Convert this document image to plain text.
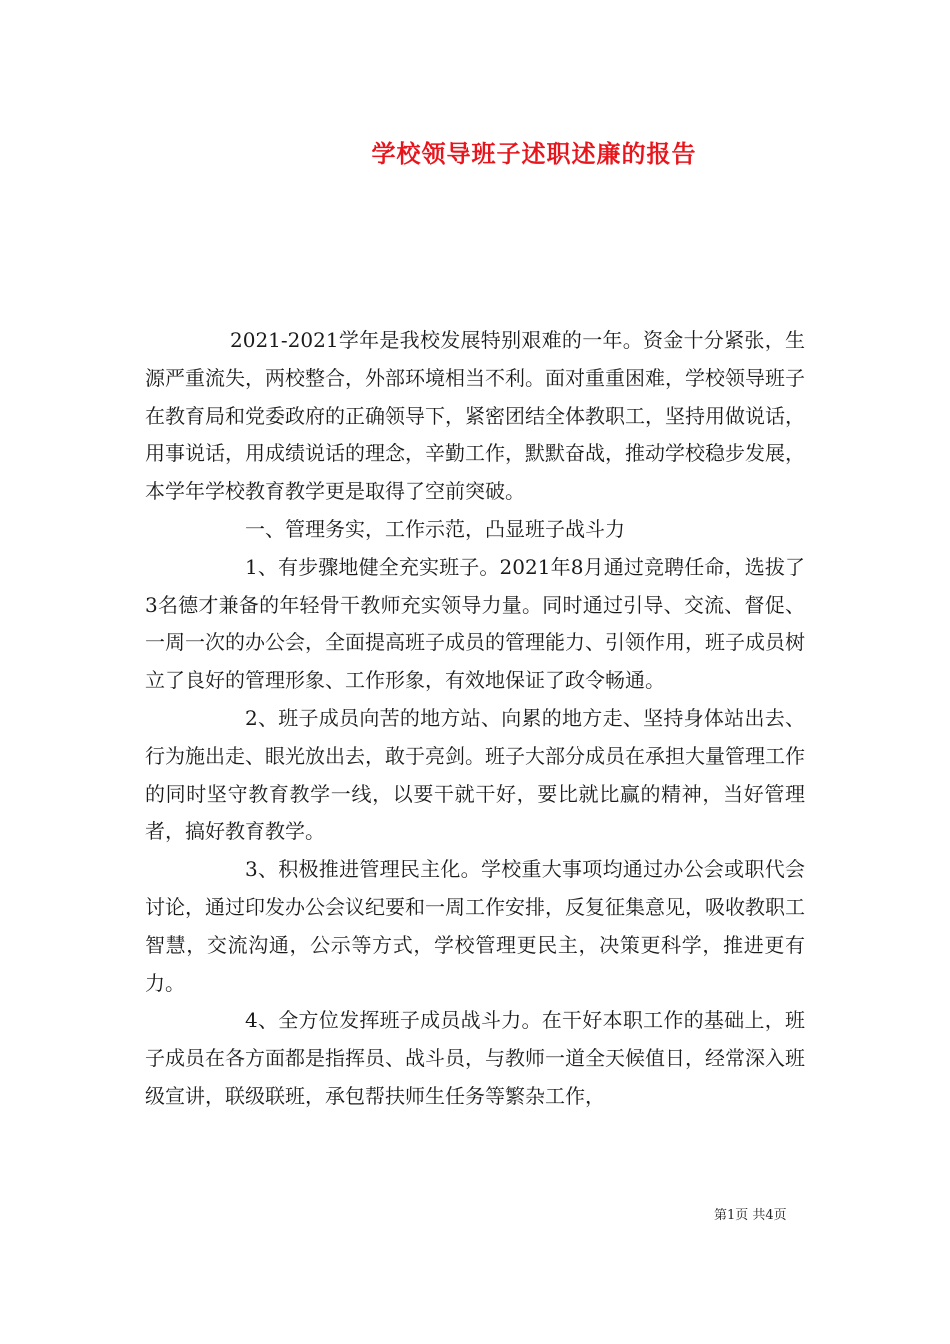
学校领导班子述职述廉的报告

2021-2021学年是我校发展特别艰难的一年。资金十分紧张，生源严重流失，两校整合，外部环境相当不利。面对重重困难，学校领导班子在教育局和党委政府的正确领导下，紧密团结全体教职工，坚持用做说话，用事说话，用成绩说话的理念，辛勤工作，默默奋战，推动学校稳步发展，本学年学校教育教学更是取得了空前突破。

一、管理务实，工作示范，凸显班子战斗力

1、有步骤地健全充实班子。2021年8月通过竞聘任命，选拔了3名德才兼备的年轻骨干教师充实领导力量。同时通过引导、交流、督促、一周一次的办公会，全面提高班子成员的管理能力、引领作用，班子成员树立了良好的管理形象、工作形象，有效地保证了政令畅通。

2、班子成员向苦的地方站、向累的地方走、坚持身体站出去、行为施出走、眼光放出去，敢于亮剑。班子大部分成员在承担大量管理工作的同时坚守教育教学一线，以要干就干好，要比就比赢的精神，当好管理者，搞好教育教学。

3、积极推进管理民主化。学校重大事项均通过办公会或职代会讨论，通过印发办公会议纪要和一周工作安排，反复征集意见，吸收教职工智慧，交流沟通，公示等方式，学校管理更民主，决策更科学，推进更有力。

4、全方位发挥班子成员战斗力。在干好本职工作的基础上，班子成员在各方面都是指挥员、战斗员，与教师一道全天候值日，经常深入班级宣讲，联级联班，承包帮扶师生任务等繁杂工作，

第1页 共4页
